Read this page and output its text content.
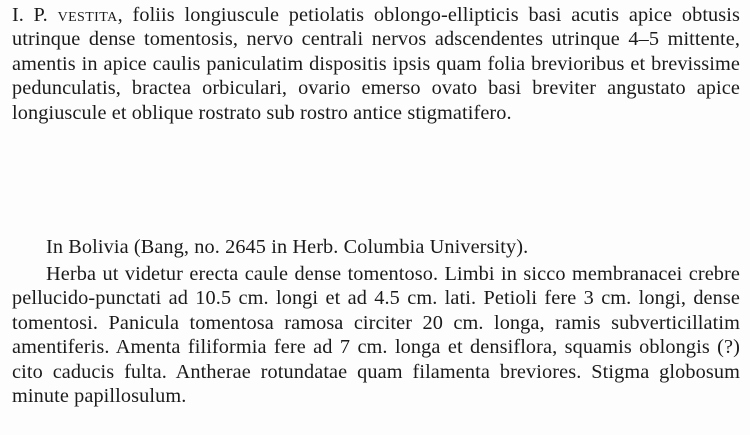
I. P. vestita, foliis longiuscule petiolatis oblongo-ellipticis basi acutis apice obtusis utrinque dense tomentosis, nervo centrali nervos adscendentes utrinque 4–5 mittente, amentis in apice caulis paniculatim dispositis ipsis quam folia brevioribus et brevissime pedunculatis, bractea orbiculari, ovario emerso ovato basi breviter angustato apice longiuscule et oblique rostrato sub rostro antice stigmatifero.

In Bolivia (Bang, no. 2645 in Herb. Columbia University).

Herba ut videtur erecta caule dense tomentoso. Limbi in sicco membranacei crebre pellucido-punctati ad 10.5 cm. longi et ad 4.5 cm. lati. Petioli fere 3 cm. longi, dense tomentosi. Panicula tomentosa ramosa circiter 20 cm. longa, ramis subverticillatim amentiferis. Amenta filiformia fere ad 7 cm. longa et densiflora, squamis oblongis (?) cito caducis fulta. Antherae rotundatae quam filamenta breviores. Stigma globosum minute papillosulum.
